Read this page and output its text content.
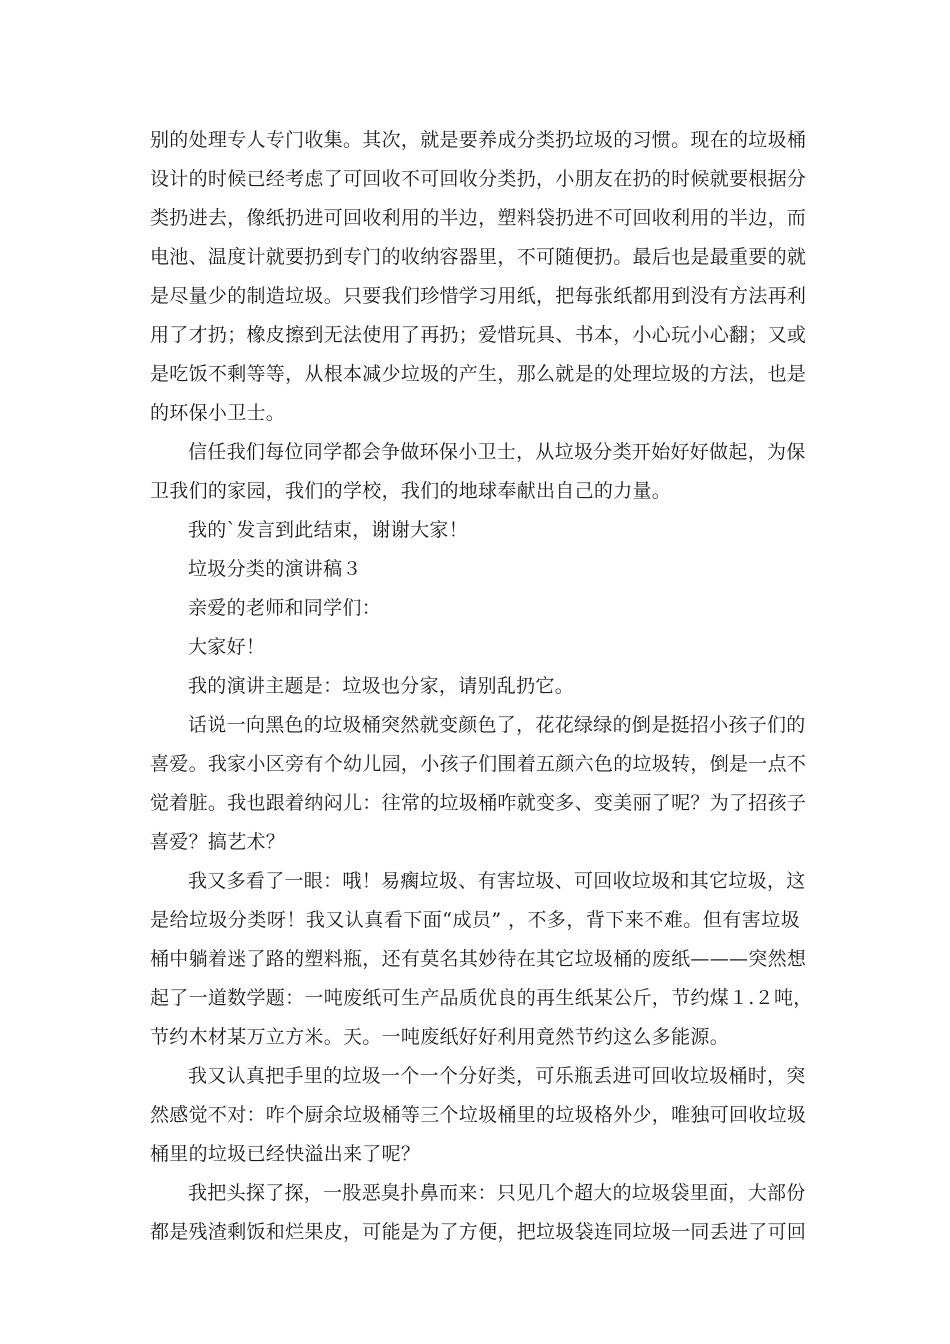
别的处理专人专门收集。其次，就是要养成分类扔垃圾的习惯。现在的垃圾桶
设计的时候已经考虑了可回收不可回收分类扔，小朋友在扔的时候就要根据分
类扔进去，像纸扔进可回收利用的半边，塑料袋扔进不可回收利用的半边，而
电池、温度计就要扔到专门的收纳容器里，不可随便扔。最后也是最重要的就
是尽量少的制造垃圾。只要我们珍惜学习用纸，把每张纸都用到没有方法再利
用了才扔；橡皮擦到无法使用了再扔；爱惜玩具、书本，小心玩小心翻；又或
是吃饭不剩等等，从根本减少垃圾的产生，那么就是的处理垃圾的方法，也是
的环保小卫士。
信任我们每位同学都会争做环保小卫士，从垃圾分类开始好好做起，为保
卫我们的家园，我们的学校，我们的地球奉献出自己的力量。
我的`发言到此结束，谢谢大家！
垃圾分类的演讲稿３
亲爱的老师和同学们：
大家好！
我的演讲主题是：垃圾也分家，请别乱扔它。
话说一向黑色的垃圾桶突然就变颜色了，花花绿绿的倒是挺招小孩子们的
喜爱。我家小区旁有个幼儿园，小孩子们围着五颜六色的垃圾转，倒是一点不
觉着脏。我也跟着纳闷儿：往常的垃圾桶咋就变多、变美丽了呢？为了招孩子
喜爱？搞艺术？
我又多看了一眼：哦！易瘸垃圾、有害垃圾、可回收垃圾和其它垃圾，这
是给垃圾分类呀！我又认真看下面“成员” ，不多，背下来不难。但有害垃圾
桶中躺着迷了路的塑料瓶，还有莫名其妙待在其它垃圾桶的废纸———突然想
起了一道数学题：一吨废纸可生产品质优良的再生纸某公斤，节约煤１.２吨，
节约木材某万立方米。天。一吨废纸好好利用竟然节约这么多能源。
我又认真把手里的垃圾一个一个分好类，可乐瓶丢进可回收垃圾桶时，突
然感觉不对：咋个厨余垃圾桶等三个垃圾桶里的垃圾格外少，唯独可回收垃圾
桶里的垃圾已经快溢出来了呢？
我把头探了探，一股恶臭扑鼻而来：只见几个超大的垃圾袋里面，大部份
都是残渣剩饭和烂果皮，可能是为了方便，把垃圾袋连同垃圾一同丢进了可回
